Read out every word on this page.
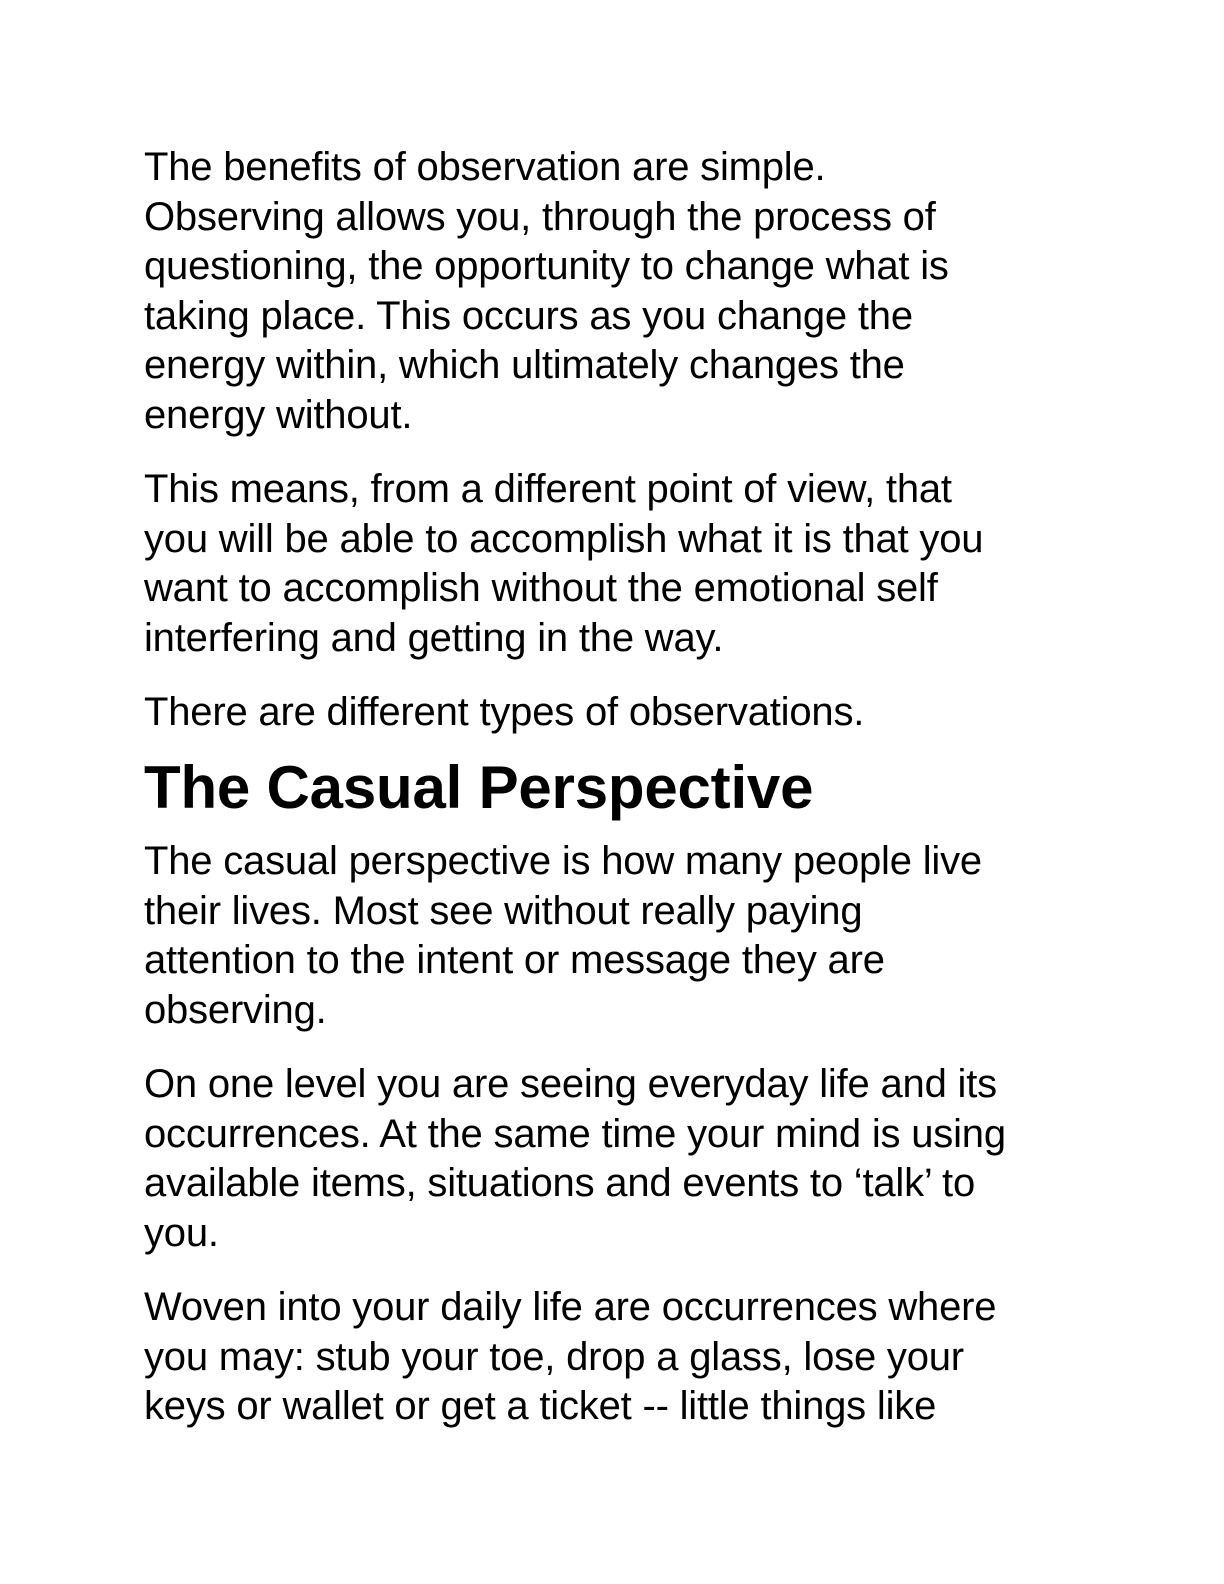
The benefits of observation are simple.
Observing allows you, through the process of
questioning, the opportunity to change what is
taking place. This occurs as you change the
energy within, which ultimately changes the
energy without.

This means, from a different point of view, that
you will be able to accomplish what it is that you
want to accomplish without the emotional self
interfering and getting in the way.

There are different types of observations.

The Casual Perspective

The casual perspective is how many people live
their lives. Most see without really paying
attention to the intent or message they are
observing.

On one level you are seeing everyday life and its
occurrences. At the same time your mind is using
available items, situations and events to ‘talk’ to
you.

Woven into your daily life are occurrences where
you may: stub your toe, drop a glass, lose your
keys or wallet or get a ticket -- little things like
